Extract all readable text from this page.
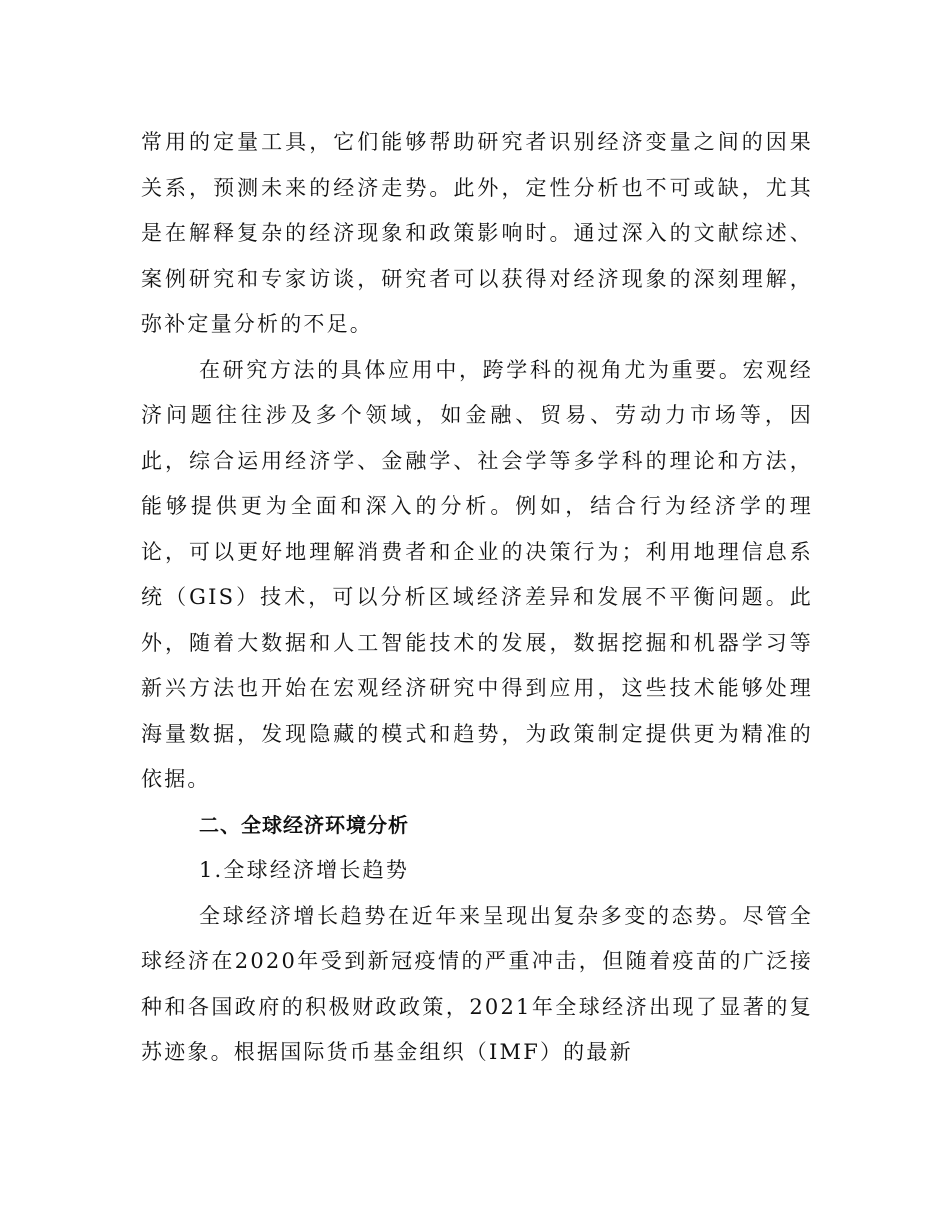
常用的定量工具，它们能够帮助研究者识别经济变量之间的因果关系，预测未来的经济走势。此外，定性分析也不可或缺，尤其是在解释复杂的经济现象和政策影响时。通过深入的文献综述、案例研究和专家访谈，研究者可以获得对经济现象的深刻理解，弥补定量分析的不足。

在研究方法的具体应用中，跨学科的视角尤为重要。宏观经济问题往往涉及多个领域，如金融、贸易、劳动力市场等，因此，综合运用经济学、金融学、社会学等多学科的理论和方法，能够提供更为全面和深入的分析。例如，结合行为经济学的理论，可以更好地理解消费者和企业的决策行为；利用地理信息系统（GIS）技术，可以分析区域经济差异和发展不平衡问题。此外，随着大数据和人工智能技术的发展，数据挖掘和机器学习等新兴方法也开始在宏观经济研究中得到应用，这些技术能够处理海量数据，发现隐藏的模式和趋势，为政策制定提供更为精准的依据。

二、全球经济环境分析

1.全球经济增长趋势

全球经济增长趋势在近年来呈现出复杂多变的态势。尽管全球经济在2020年受到新冠疫情的严重冲击，但随着疫苗的广泛接种和各国政府的积极财政政策，2021年全球经济出现了显著的复苏迹象。根据国际货币基金组织（IMF）的最新
